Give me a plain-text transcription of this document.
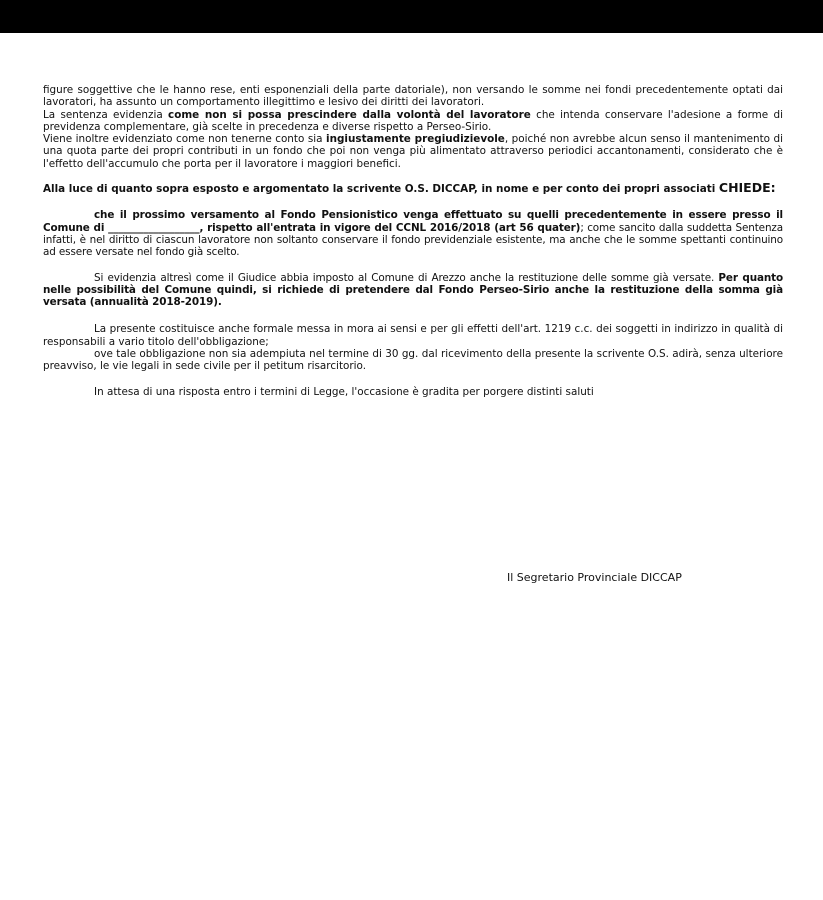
figure soggettive che le hanno rese, enti esponenziali della parte datoriale), non versando le somme nei fondi precedentemente optati dai lavoratori, ha assunto un comportamento illegittimo e lesivo dei diritti dei lavoratori.

La sentenza evidenzia come non si possa prescindere dalla volontà del lavoratore che intenda conservare l'adesione a forme di previdenza complementare, già scelte in precedenza e diverse rispetto a Perseo-Sirio.

Viene inoltre evidenziato come non tenerne conto sia ingiustamente pregiudizievole, poiché non avrebbe alcun senso il mantenimento di una quota parte dei propri contributi in un fondo che poi non venga più alimentato attraverso periodici accantonamenti, considerato che è l'effetto dell'accumulo che porta per il lavoratore i maggiori benefici.

Alla luce di quanto sopra esposto e argomentato la scrivente O.S. DICCAP, in nome e per conto dei propri associati CHIEDE:

che il prossimo versamento al Fondo Pensionistico venga effettuato su quelli precedentemente in essere presso il Comune di __________________, rispetto all'entrata in vigore del CCNL 2016/2018 (art 56 quater); come sancito dalla suddetta Sentenza infatti, è nel diritto di ciascun lavoratore non soltanto conservare il fondo previdenziale esistente, ma anche che le somme spettanti continuino ad essere versate nel fondo già scelto.

Si evidenzia altresì come il Giudice abbia imposto al Comune di Arezzo anche la restituzione delle somme già versate. Per quanto nelle possibilità del Comune quindi, si richiede di pretendere dal Fondo Perseo-Sirio anche la restituzione della somma già versata (annualità 2018-2019).

La presente costituisce anche formale messa in mora ai sensi e per gli effetti dell'art. 1219 c.c. dei soggetti in indirizzo in qualità di responsabili a vario titolo dell'obbligazione;

ove tale obbligazione non sia adempiuta nel termine di 30 gg. dal ricevimento della presente la scrivente O.S. adirà, senza ulteriore preavviso, le vie legali in sede civile per il petitum risarcitorio.

In attesa di una risposta entro i termini di Legge, l'occasione è gradita per porgere distinti saluti

Il Segretario Provinciale DICCAP
